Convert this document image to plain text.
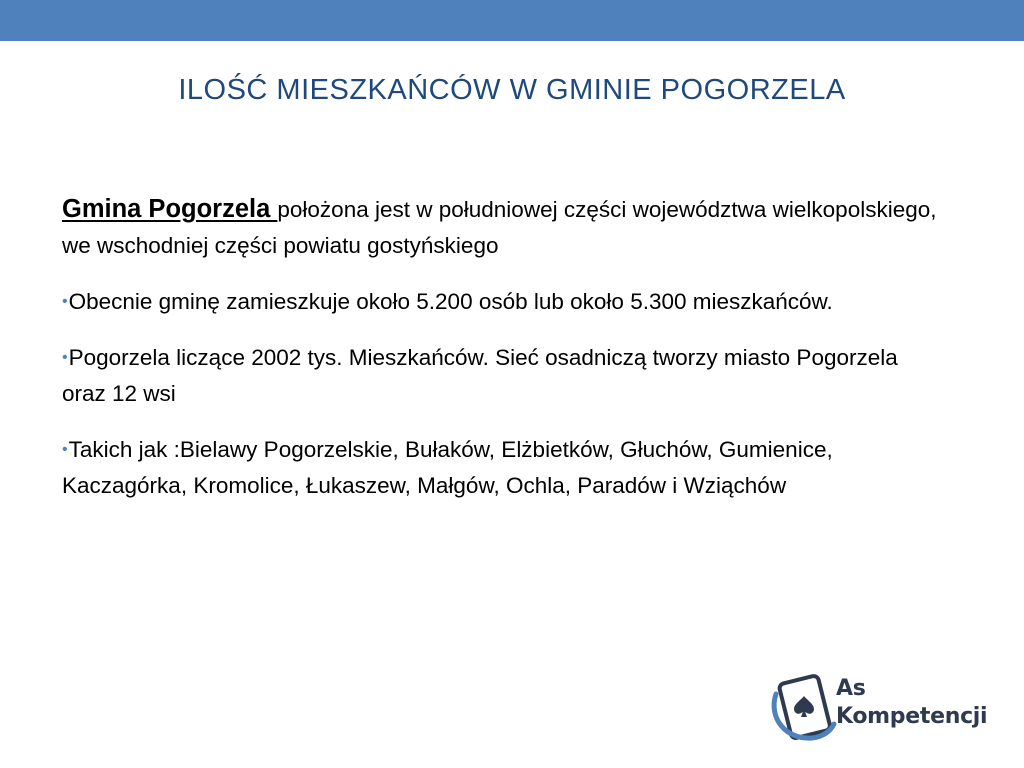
ILOŚĆ MIESZKAŃCÓW W GMINIE POGORZELA

Gmina Pogorzela położona jest w południowej części województwa wielkopolskiego, we wschodniej części powiatu gostyńskiego

•Obecnie gminę zamieszkuje około 5.200 osób lub około 5.300 mieszkańców.

•Pogorzela liczące 2002 tys. Mieszkańców. Sieć osadniczą tworzy miasto Pogorzela oraz 12 wsi

•Takich jak :Bielawy Pogorzelskie, Bułaków, Elżbietków, Głuchów, Gumienice, Kaczagórka, Kromolice, Łukaszew, Małgów, Ochla, Paradów i Wziąchów

As
Kompetencji
